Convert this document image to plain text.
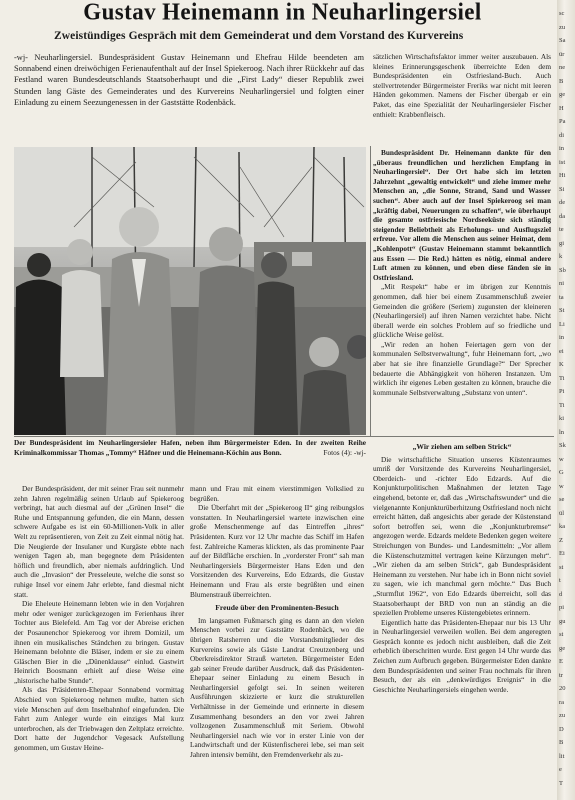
sc

zu

Sa

ür

ne

B

ge

H

Pa

di

in

ist

Hi

Si

de

da

te

gi

k

Sb

ni

ta

St

Li

in

ei

K

Ti

Pi

Ti

ki

ln

Sk

w

G

w

se

ül

ka

Z

Ei

st

t

d

pi

gu

st

ge

E

tr

20

ra

zu

D

B

lit

e

T

Gustav Heinemann in Neuharlingersiel
Zweistündiges Gespräch mit dem Gemeinderat und dem Vorstand des Kurvereins
-wj- Neuharlingersiel. Bundespräsident Gustav Heinemann und Ehefrau Hilde beendeten am Sonnabend einen dreiwöchigen Ferienaufenthalt auf der Insel Spiekeroog. Nach ihrer Rückkehr auf das Festland waren Bundesdeutschlands Staatsoberhaupt und die „First Lady“ dieser Republik zwei Stunden lang Gäste des Gemeinderates und des Kurvereins Neuharlingersiel und folgten einer Einladung zu einem Seezungenessen in der Gaststätte Rodenbäck.

sätzlichen Wirtschaftsfaktor immer weiter auszubauen. Als kleines Erinnerungsgeschenk überreichte Eden dem Bundespräsidenten ein Ostfriesland-Buch. Auch stellvertretender Bürgermeister Freriks war nicht mit leeren Händen gekommen. Namens der Fischer übergab er ein Paket, das eine Spezialität der Neuharlingersieler Fischer enthielt: Krabbenfleisch.

Bundespräsident Dr. Heinemann dankte für den „überaus freundlichen und herzlichen Empfang in Neuharlingersiel“. Der Ort habe sich im letzten Jahrzehnt „gewaltig entwickelt“ und ziehe immer mehr Menschen an, „die Sonne, Strand, Sand und Wasser suchen“. Aber auch auf der Insel Spiekeroog sei man „kräftig dabei, Neuerungen zu schaffen“, wie überhaupt die gesamte ostfriesische Nordseeküste sich ständig steigender Beliebtheit als Erholungs- und Ausflugsziel erfreue. Vor allem die Menschen aus seiner Heimat, dem „Kohlenpott“ (Gustav Heinemann stammt bekanntlich aus Essen — Die Red.) hätten es nötig, einmal andere Luft atmen zu können, und eben diese fänden sie in Ostfriesland.

„Mit Respekt“ habe er im übrigen zur Kenntnis genommen, daß hier bei einem Zusammenschluß zweier Gemeinden die größere (Seriem) zugunsten der kleineren (Neuharlingersiel) auf ihren Namen verzichtet habe. Nicht überall werde ein solches Problem auf so friedliche und glückliche Weise gelöst.

„Wir reden an hohen Feiertagen gern von der kommunalen Selbstverwaltung“, fuhr Heinemann fort, „wo aber hat sie ihre finanzielle Grundlage?“ Der Sprecher bedauerte die Abhängigkeit von höheren Instanzen. Um wirklich ihr eigenes Leben gestalten zu können, brauche die kommunale Selbstverwaltung „Substanz von unten“.

Der Bundespräsident im Neuharlingersieler Hafen, neben ihm Bürgermeister Eden. In der zweiten Reihe Kriminalkommissar Thomas „Tommy“ Häfner und die Heinemann-Köchin aus Bonn.	Fotos (4): -wj-
„Wir ziehen am selben Strick“

Die wirtschaftliche Situation unseres Küstenraumes umriß der Vorsitzende des Kurvereins Neuharlingersiel, Oberdeich- und -richter Edo Edzards. Auf die Konjunkturpolitischen Maßnahmen der letzten Tage eingehend, betonte er, daß das „Wirtschaftswunder“ und die vielgenannte Konjunkturüberhitzung Ostfriesland noch nicht erreicht hätten, daß angesichts aber gerade der Küstenstand sofort betroffen sei, wenn die „Konjunkturbremse“ angezogen werde. Edzards meldete Bedenken gegen weitere Streichungen von Bundes- und Landesmitteln: „Vor allem die Küstenschutzmittel vertragen keine Kürzungen mehr“. „Wir ziehen da am selben Strick“, gab Bundespräsident Heinemann zu verstehen. Nur habe ich in Bonn nicht soviel zu sagen, wie ich manchmal gern möchte.“ Das Buch „Sturmflut 1962“, von Edo Edzards überreicht, soll das Staatsoberhaupt der BRD von nun an ständig an die speziellen Probleme unseres Küstengebietes erinnern.

Eigentlich hatte das Präsidenten-Ehepaar nur bis 13 Uhr in Neuharlingersiel verweilen wollen. Bei dem angeregten Gespräch konnte es jedoch nicht ausbleiben, daß die Zeit erheblich überschritten wurde. Erst gegen 14 Uhr wurde das Zeichen zum Aufbruch gegeben. Bürgermeister Eden dankte dem Bundespräsidenten und seiner Frau nochmals für ihren Besuch, der als ein „denkwürdiges Ereignis“ in die Geschichte Neuharlingersiels eingehen werde.

Der Bundespräsident, der mit seiner Frau seit nunmehr zehn Jahren regelmäßig seinen Urlaub auf Spiekeroog verbringt, hat auch diesmal auf der „Grünen Insel“ die Ruhe und Entspannung gefunden, die ein Mann, dessen schwere Aufgabe es ist ein 60-Millionen-Volk in aller Welt zu repräsentieren, von Zeit zu Zeit einmal nötig hat. Die Neugierde der Insulaner und Kurgäste ebbte nach wenigen Tagen ab, man begegnete dem Präsidenten höflich und freundlich, aber niemals aufdringlich. Und auch die „Invasion“ der Presseleute, welche die sonst so ruhige Insel vor einem Jahr erlebte, fand diesmal nicht statt.

Die Eheleute Heinemann lebten wie in den Vorjahren mehr oder weniger zurückgezogen im Ferienhaus ihrer Tochter aus Bielefeld. Am Tag vor der Abreise erichen der Posaunenchor Spiekeroog vor ihrem Domizil, um ihnen ein musikalisches Ständchen zu bringen. Gustav Heinemann belohnte die Bläser, indem er sie zu einem Gläschen Bier in die „Dünenklause“ einlud. Gastwirt Heinrich Boosmann erhielt auf diese Weise eine „historische halbe Stunde“.

Als das Präsidenten-Ehepaar Sonnabend vormittag Abschied von Spiekeroog nehmen mußte, hatten sich viele Menschen auf dem Inselbahnhof eingefunden. Die Fahrt zum Anleger wurde ein einziges Mal kurz unterbrochen, als der Triebwagen den Zeltplatz erreichte. Dort hatte der Jugendchor Vegesack Aufstellung genommen, um Gustav Heine-

mann und Frau mit einem vierstimmigen Volkslied zu begrüßen.

Die Überfahrt mit der „Spiekeroog II“ ging reibungslos vonstatten. In Neuharlingersiel wartete inzwischen eine große Menschenmenge auf das Eintreffen „ihres“ Präsidenten. Kurz vor 12 Uhr machte das Schiff im Hafen fest. Zahlreiche Kameras klickten, als das prominente Paar auf der Bildfläche erschien. In „vorderster Front“ sah man Neuharlingersiels Bürgermeister Hans Eden und den Vorsitzenden des Kurvereins, Edo Edzards, die Gustav Heinemann und Frau als erste begrüßten und einen Blumenstrauß überreichten.

Freude über den Prominenten-Besuch

Im langsamen Fußmarsch ging es dann an den vielen Menschen vorbei zur Gaststätte Rodenbäck, wo die übrigen Ratsherren und die Vorstandsmitglieder des Kurvereins sowie als Gäste Landrat Creutzenberg und Oberkreisdirektor Strauß warteten. Bürgermeister Eden gab seiner Freude darüber Ausdruck, daß das Präsidenten-Ehepaar seiner Einladung zu einem Besuch in Neuharlingersiel gefolgt sei. In seinen weiteren Ausführungen skizzierte er kurz die strukturellen Verhältnisse in der Gemeinde und erinnerte in diesem Zusammenhang besonders an den vor zwei Jahren vollzogenen Zusammenschluß mit Seriem. Obwohl Neuharlingersiel nach wie vor in erster Linie von der Landwirtschaft und der Küstenfischerei lebe, sei man seit Jahren intensiv bemüht, den Fremdenverkehr als zu-
